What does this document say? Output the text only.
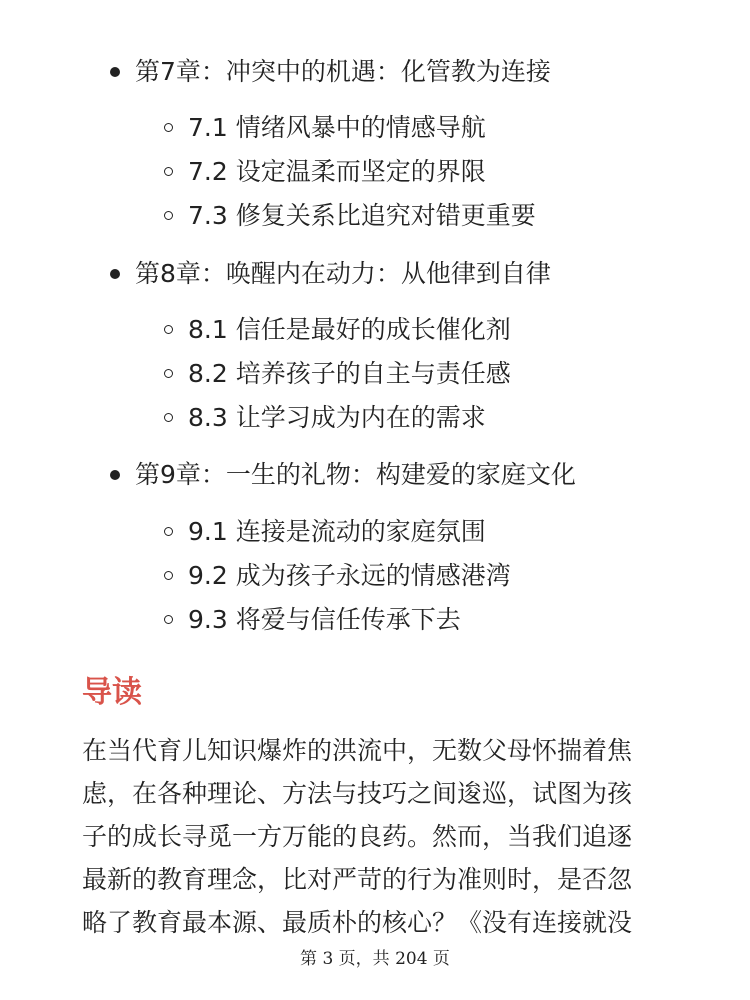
第7章：冲突中的机遇：化管教为连接
7.1 情绪风暴中的情感导航
7.2 设定温柔而坚定的界限
7.3 修复关系比追究对错更重要
第8章：唤醒内在动力：从他律到自律
8.1 信任是最好的成长催化剂
8.2 培养孩子的自主与责任感
8.3 让学习成为内在的需求
第9章：一生的礼物：构建爱的家庭文化
9.1 连接是流动的家庭氛围
9.2 成为孩子永远的情感港湾
9.3 将爱与信任传承下去
导读
在当代育儿知识爆炸的洪流中，无数父母怀揣着焦
虑，在各种理论、方法与技巧之间逡巡，试图为孩
子的成长寻觅一方万能的良药。然而，当我们追逐
最新的教育理念，比对严苛的行为准则时，是否忽
略了教育最本源、最质朴的核心？《没有连接就没
第 3 页，共 204 页
